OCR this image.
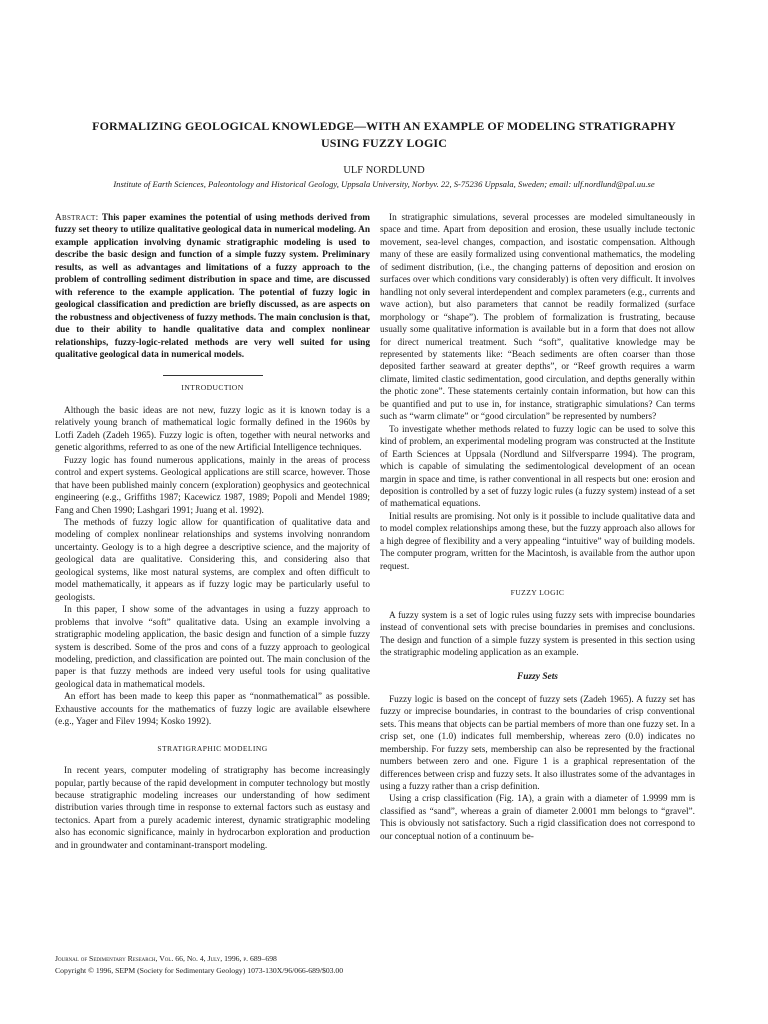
FORMALIZING GEOLOGICAL KNOWLEDGE—WITH AN EXAMPLE OF MODELING STRATIGRAPHY
USING FUZZY LOGIC
ULF NORDLUND
Institute of Earth Sciences, Paleontology and Historical Geology, Uppsala University, Norbyv. 22, S-75236 Uppsala, Sweden; email: ulf.nordlund@pal.uu.se

Abstract: This paper examines the potential of using methods derived from fuzzy set theory to utilize qualitative geological data in numerical modeling. An example application involving dynamic stratigraphic modeling is used to describe the basic design and function of a simple fuzzy system. Preliminary results, as well as advantages and limitations of a fuzzy approach to the problem of controlling sediment distribution in space and time, are discussed with reference to the example application. The potential of fuzzy logic in geological classification and prediction are briefly discussed, as are aspects on the robustness and objectiveness of fuzzy methods. The main conclusion is that, due to their ability to handle qualitative data and complex nonlinear relationships, fuzzy-logic-related methods are very well suited for using qualitative geological data in numerical models.

INTRODUCTION

Although the basic ideas are not new, fuzzy logic as it is known today is a relatively young branch of mathematical logic formally defined in the 1960s by Lotfi Zadeh (Zadeh 1965). Fuzzy logic is often, together with neural networks and genetic algorithms, referred to as one of the new Artificial Intelligence techniques.

Fuzzy logic has found numerous applications, mainly in the areas of process control and expert systems. Geological applications are still scarce, however. Those that have been published mainly concern (exploration) geophysics and geotechnical engineering (e.g., Griffiths 1987; Kacewicz 1987, 1989; Popoli and Mendel 1989; Fang and Chen 1990; Lashgari 1991; Juang et al. 1992).

The methods of fuzzy logic allow for quantification of qualitative data and modeling of complex nonlinear relationships and systems involving nonrandom uncertainty. Geology is to a high degree a descriptive science, and the majority of geological data are qualitative. Considering this, and considering also that geological systems, like most natural systems, are complex and often difficult to model mathematically, it appears as if fuzzy logic may be particularly useful to geologists.

In this paper, I show some of the advantages in using a fuzzy approach to problems that involve “soft” qualitative data. Using an example involving a stratigraphic modeling application, the basic design and function of a simple fuzzy system is described. Some of the pros and cons of a fuzzy approach to geological modeling, prediction, and classification are pointed out. The main conclusion of the paper is that fuzzy methods are indeed very useful tools for using qualitative geological data in mathematical models.

An effort has been made to keep this paper as “nonmathematical” as possible. Exhaustive accounts for the mathematics of fuzzy logic are available elsewhere (e.g., Yager and Filev 1994; Kosko 1992).

STRATIGRAPHIC MODELING

In recent years, computer modeling of stratigraphy has become increasingly popular, partly because of the rapid development in computer technology but mostly because stratigraphic modeling increases our understanding of how sediment distribution varies through time in response to external factors such as eustasy and tectonics. Apart from a purely academic interest, dynamic stratigraphic modeling also has economic significance, mainly in hydrocarbon exploration and production and in groundwater and contaminant-transport modeling.

In stratigraphic simulations, several processes are modeled simultaneously in space and time. Apart from deposition and erosion, these usually include tectonic movement, sea-level changes, compaction, and isostatic compensation. Although many of these are easily formalized using conventional mathematics, the modeling of sediment distribution, (i.e., the changing patterns of deposition and erosion on surfaces over which conditions vary considerably) is often very difficult. It involves handling not only several interdependent and complex parameters (e.g., currents and wave action), but also parameters that cannot be readily formalized (surface morphology or “shape”). The problem of formalization is frustrating, because usually some qualitative information is available but in a form that does not allow for direct numerical treatment. Such “soft”, qualitative knowledge may be represented by statements like: “Beach sediments are often coarser than those deposited farther seaward at greater depths”, or “Reef growth requires a warm climate, limited clastic sedimentation, good circulation, and depths generally within the photic zone”. These statements certainly contain information, but how can this be quantified and put to use in, for instance, stratigraphic simulations? Can terms such as “warm climate” or “good circulation” be represented by numbers?

To investigate whether methods related to fuzzy logic can be used to solve this kind of problem, an experimental modeling program was constructed at the Institute of Earth Sciences at Uppsala (Nordlund and Silfversparre 1994). The program, which is capable of simulating the sedimentological development of an ocean margin in space and time, is rather conventional in all respects but one: erosion and deposition is controlled by a set of fuzzy logic rules (a fuzzy system) instead of a set of mathematical equations.

Initial results are promising. Not only is it possible to include qualitative data and to model complex relationships among these, but the fuzzy approach also allows for a high degree of flexibility and a very appealing “intuitive” way of building models. The computer program, written for the Macintosh, is available from the author upon request.

FUZZY LOGIC

A fuzzy system is a set of logic rules using fuzzy sets with imprecise boundaries instead of conventional sets with precise boundaries in premises and conclusions. The design and function of a simple fuzzy system is presented in this section using the stratigraphic modeling application as an example.

Fuzzy Sets

Fuzzy logic is based on the concept of fuzzy sets (Zadeh 1965). A fuzzy set has fuzzy or imprecise boundaries, in contrast to the boundaries of crisp conventional sets. This means that objects can be partial members of more than one fuzzy set. In a crisp set, one (1.0) indicates full membership, whereas zero (0.0) indicates no membership. For fuzzy sets, membership can also be represented by the fractional numbers between zero and one. Figure 1 is a graphical representation of the differences between crisp and fuzzy sets. It also illustrates some of the advantages in using a fuzzy rather than a crisp definition.

Using a crisp classification (Fig. 1A), a grain with a diameter of 1.9999 mm is classified as “sand”, whereas a grain of diameter 2.0001 mm belongs to “gravel”. This is obviously not satisfactory. Such a rigid classification does not correspond to our conceptual notion of a continuum be-

Journal of Sedimentary Research, Vol. 66, No. 4, July, 1996, p. 689–698
Copyright © 1996, SEPM (Society for Sedimentary Geology) 1073-130X/96/066-689/$03.00
